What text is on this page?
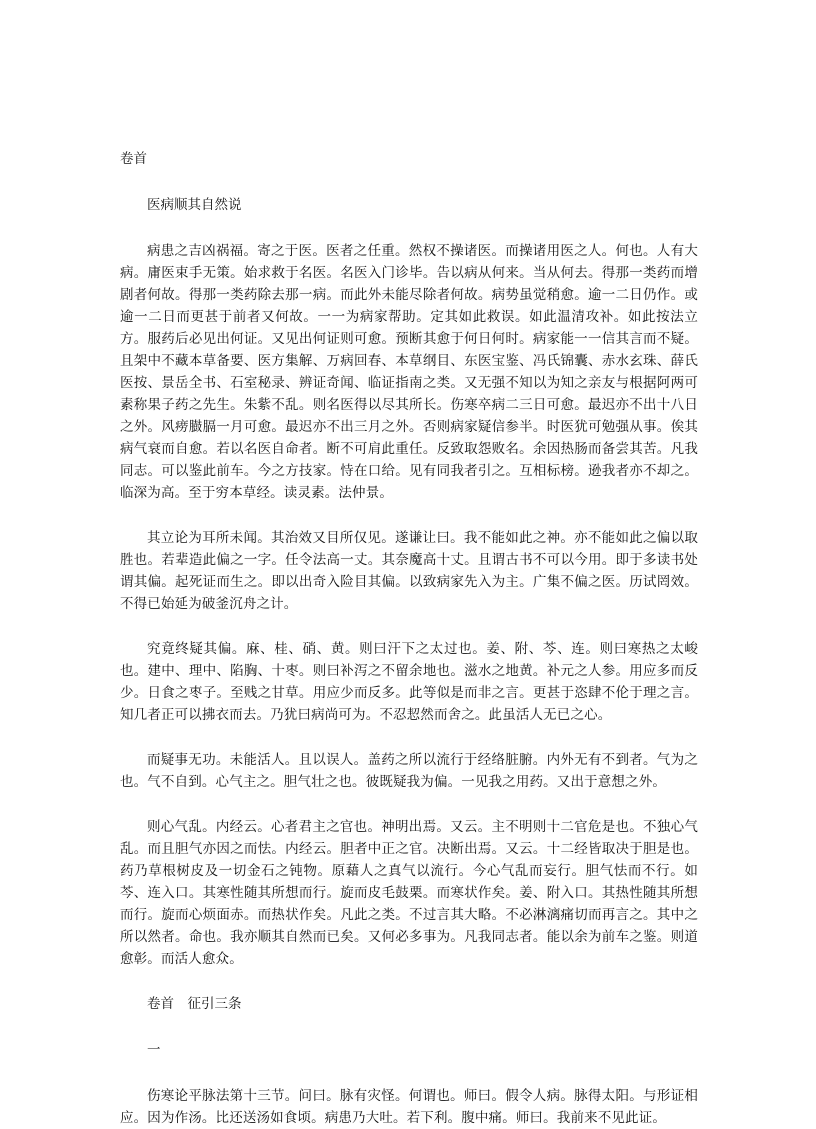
卷首

医病顺其自然说

病患之吉凶祸福。寄之于医。医者之任重。然权不操诸医。而操诸用医之人。何也。人有大病。庸医束手无策。始求救于名医。名医入门诊毕。告以病从何来。当从何去。得那一类药而增剧者何故。得那一类药除去那一病。而此外未能尽除者何故。病势虽觉稍愈。逾一二日仍作。或逾一二日而更甚于前者又何故。一一为病家帮助。定其如此救误。如此温清攻补。如此按法立方。服药后必见出何证。又见出何证则可愈。预断其愈于何日何时。病家能一一信其言而不疑。且架中不藏本草备要、医方集解、万病回春、本草纲目、东医宝鉴、冯氏锦囊、赤水玄珠、薛氏医按、景岳全书、石室秘录、辨证奇闻、临证指南之类。又无强不知以为知之亲友与根据阿两可素称果子药之先生。朱紫不乱。则名医得以尽其所长。伤寒卒病二三日可愈。最迟亦不出十八日之外。风痨臌膈一月可愈。最迟亦不出三月之外。否则病家疑信参半。时医犹可勉强从事。俟其病气衰而自愈。若以名医自命者。断不可肩此重任。反致取怨败名。余因热肠而备尝其苦。凡我同志。可以鉴此前车。今之方技家。恃在口给。见有同我者引之。互相标榜。逊我者亦不却之。临深为高。至于穷本草经。读灵素。法仲景。

其立论为耳所未闻。其治效又目所仅见。遂谦让曰。我不能如此之神。亦不能如此之偏以取胜也。若辈造此偏之一字。任令法高一丈。其奈魔高十丈。且谓古书不可以今用。即于多读书处谓其偏。起死证而生之。即以出奇入险目其偏。以致病家先入为主。广集不偏之医。历试罔效。不得已始延为破釜沉舟之计。

究竟终疑其偏。麻、桂、硝、黄。则曰汗下之太过也。姜、附、芩、连。则曰寒热之太峻也。建中、理中、陷胸、十枣。则曰补泻之不留余地也。滋水之地黄。补元之人参。用应多而反少。日食之枣子。至贱之甘草。用应少而反多。此等似是而非之言。更甚于恣肆不伦于理之言。知几者正可以拂衣而去。乃犹曰病尚可为。不忍恝然而舍之。此虽活人无已之心。

而疑事无功。未能活人。且以误人。盖药之所以流行于经络脏腑。内外无有不到者。气为之也。气不自到。心气主之。胆气壮之也。彼既疑我为偏。一见我之用药。又出于意想之外。

则心气乱。内经云。心者君主之官也。神明出焉。又云。主不明则十二官危是也。不独心气乱。而且胆气亦因之而怯。内经云。胆者中正之官。决断出焉。又云。十二经皆取决于胆是也。药乃草根树皮及一切金石之钝物。原藉人之真气以流行。今心气乱而妄行。胆气怯而不行。如芩、连入口。其寒性随其所想而行。旋而皮毛鼓栗。而寒状作矣。姜、附入口。其热性随其所想而行。旋而心烦面赤。而热状作矣。凡此之类。不过言其大略。不必淋漓痛切而再言之。其中之所以然者。命也。我亦顺其自然而已矣。又何必多事为。凡我同志者。能以余为前车之鉴。则道愈彰。而活人愈众。

卷首　征引三条

一

伤寒论平脉法第十三节。问曰。脉有灾怪。何谓也。师曰。假令人病。脉得太阳。与形证相应。因为作汤。比还送汤如食顷。病患乃大吐。若下利。腹中痛。师曰。我前来不见此证。
